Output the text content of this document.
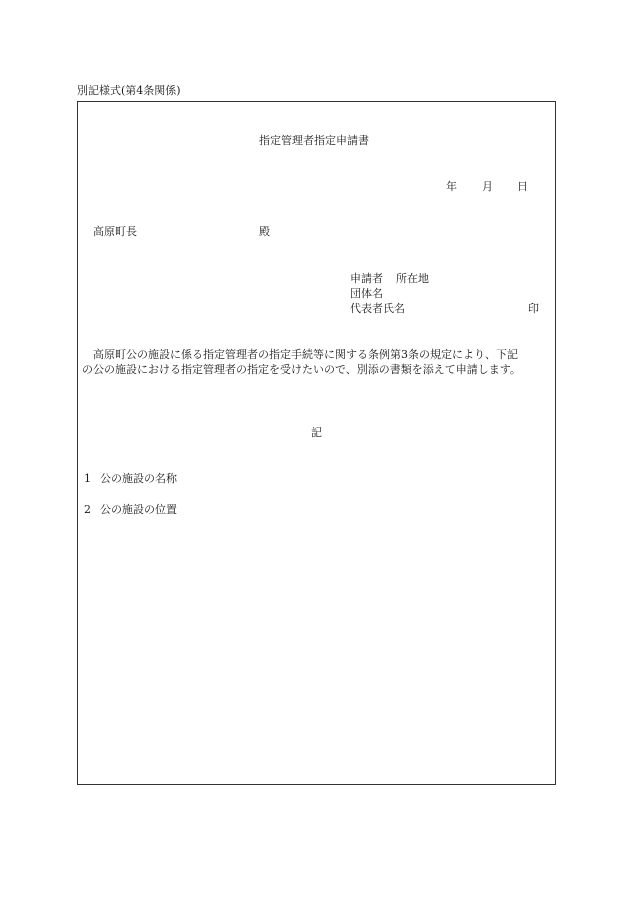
別記様式(第4条関係)
指定管理者指定申請書
年 月 日
高原町長	殿
申請者 所在地
団体名
代表者氏名	印
高原町公の施設に係る指定管理者の指定手続等に関する条例第3条の規定により、下記
の公の施設における指定管理者の指定を受けたいので、別添の書類を添えて申請します。
記
1 公の施設の名称
2 公の施設の位置
